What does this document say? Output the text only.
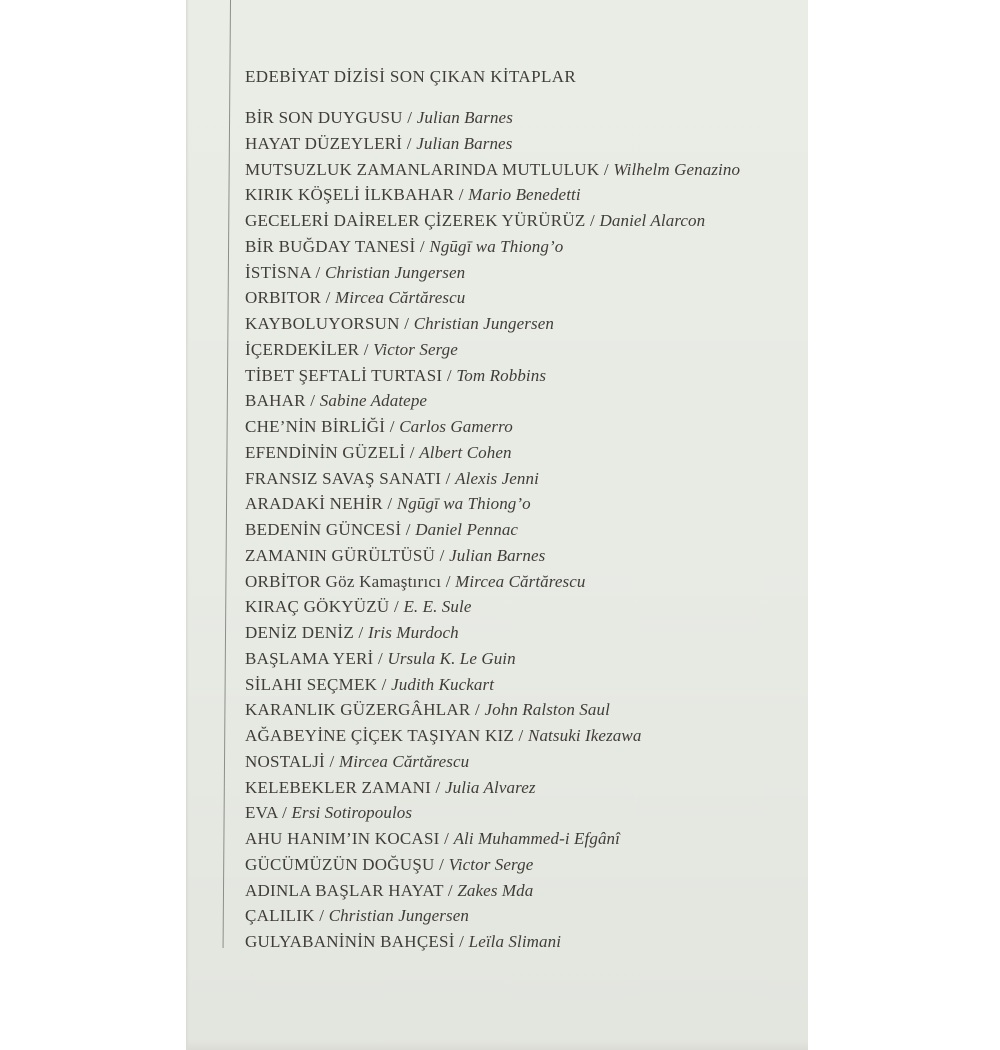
EDEBİYAT DİZİSİ SON ÇIKAN KİTAPLAR
BİR SON DUYGUSU / Julian Barnes
HAYAT DÜZEYLERİ / Julian Barnes
MUTSUZLUK ZAMANLARINDA MUTLULUK / Wilhelm Genazino
KIRIK KÖŞELİ İLKBAHAR / Mario Benedetti
GECELERİ DAİRELER ÇİZEREK YÜRÜRÜZ / Daniel Alarcon
BİR BUĞDAY TANESİ / Ngūgī wa Thiong’o
İSTİSNA / Christian Jungersen
ORBITOR / Mircea Cărtărescu
KAYBOLUYORSUN / Christian Jungersen
İÇERDEKİLER / Victor Serge
TİBET ŞEFTALİ TURTASI / Tom Robbins
BAHAR / Sabine Adatepe
CHE’NİN BİRLİĞİ / Carlos Gamerro
EFENDİNİN GÜZELİ / Albert Cohen
FRANSIZ SAVAŞ SANATI / Alexis Jenni
ARADAKİ NEHİR / Ngūgī wa Thiong’o
BEDENİN GÜNCESİ / Daniel Pennac
ZAMANIN GÜRÜLTÜSÜ / Julian Barnes
ORBİTOR Göz Kamaştırıcı / Mircea Cărtărescu
KIRAÇ GÖKYÜZÜ / E. E. Sule
DENİZ DENİZ / Iris Murdoch
BAŞLAMA YERİ / Ursula K. Le Guin
SİLAHI SEÇMEK / Judith Kuckart
KARANLIK GÜZERGÂHLAR / John Ralston Saul
AĞABEYİNE ÇİÇEK TAŞIYAN KIZ / Natsuki Ikezawa
NOSTALJİ / Mircea Cărtărescu
KELEBEKLER ZAMANI / Julia Alvarez
EVA / Ersi Sotiropoulos
AHU HANIM’IN KOCASI / Ali Muhammed-i Efgânî
GÜCÜMÜZÜN DOĞUŞU / Victor Serge
ADINLA BAŞLAR HAYAT / Zakes Mda
ÇALILIK / Christian Jungersen
GULYABANİNİN BAHÇESİ / Leïla Slimani
